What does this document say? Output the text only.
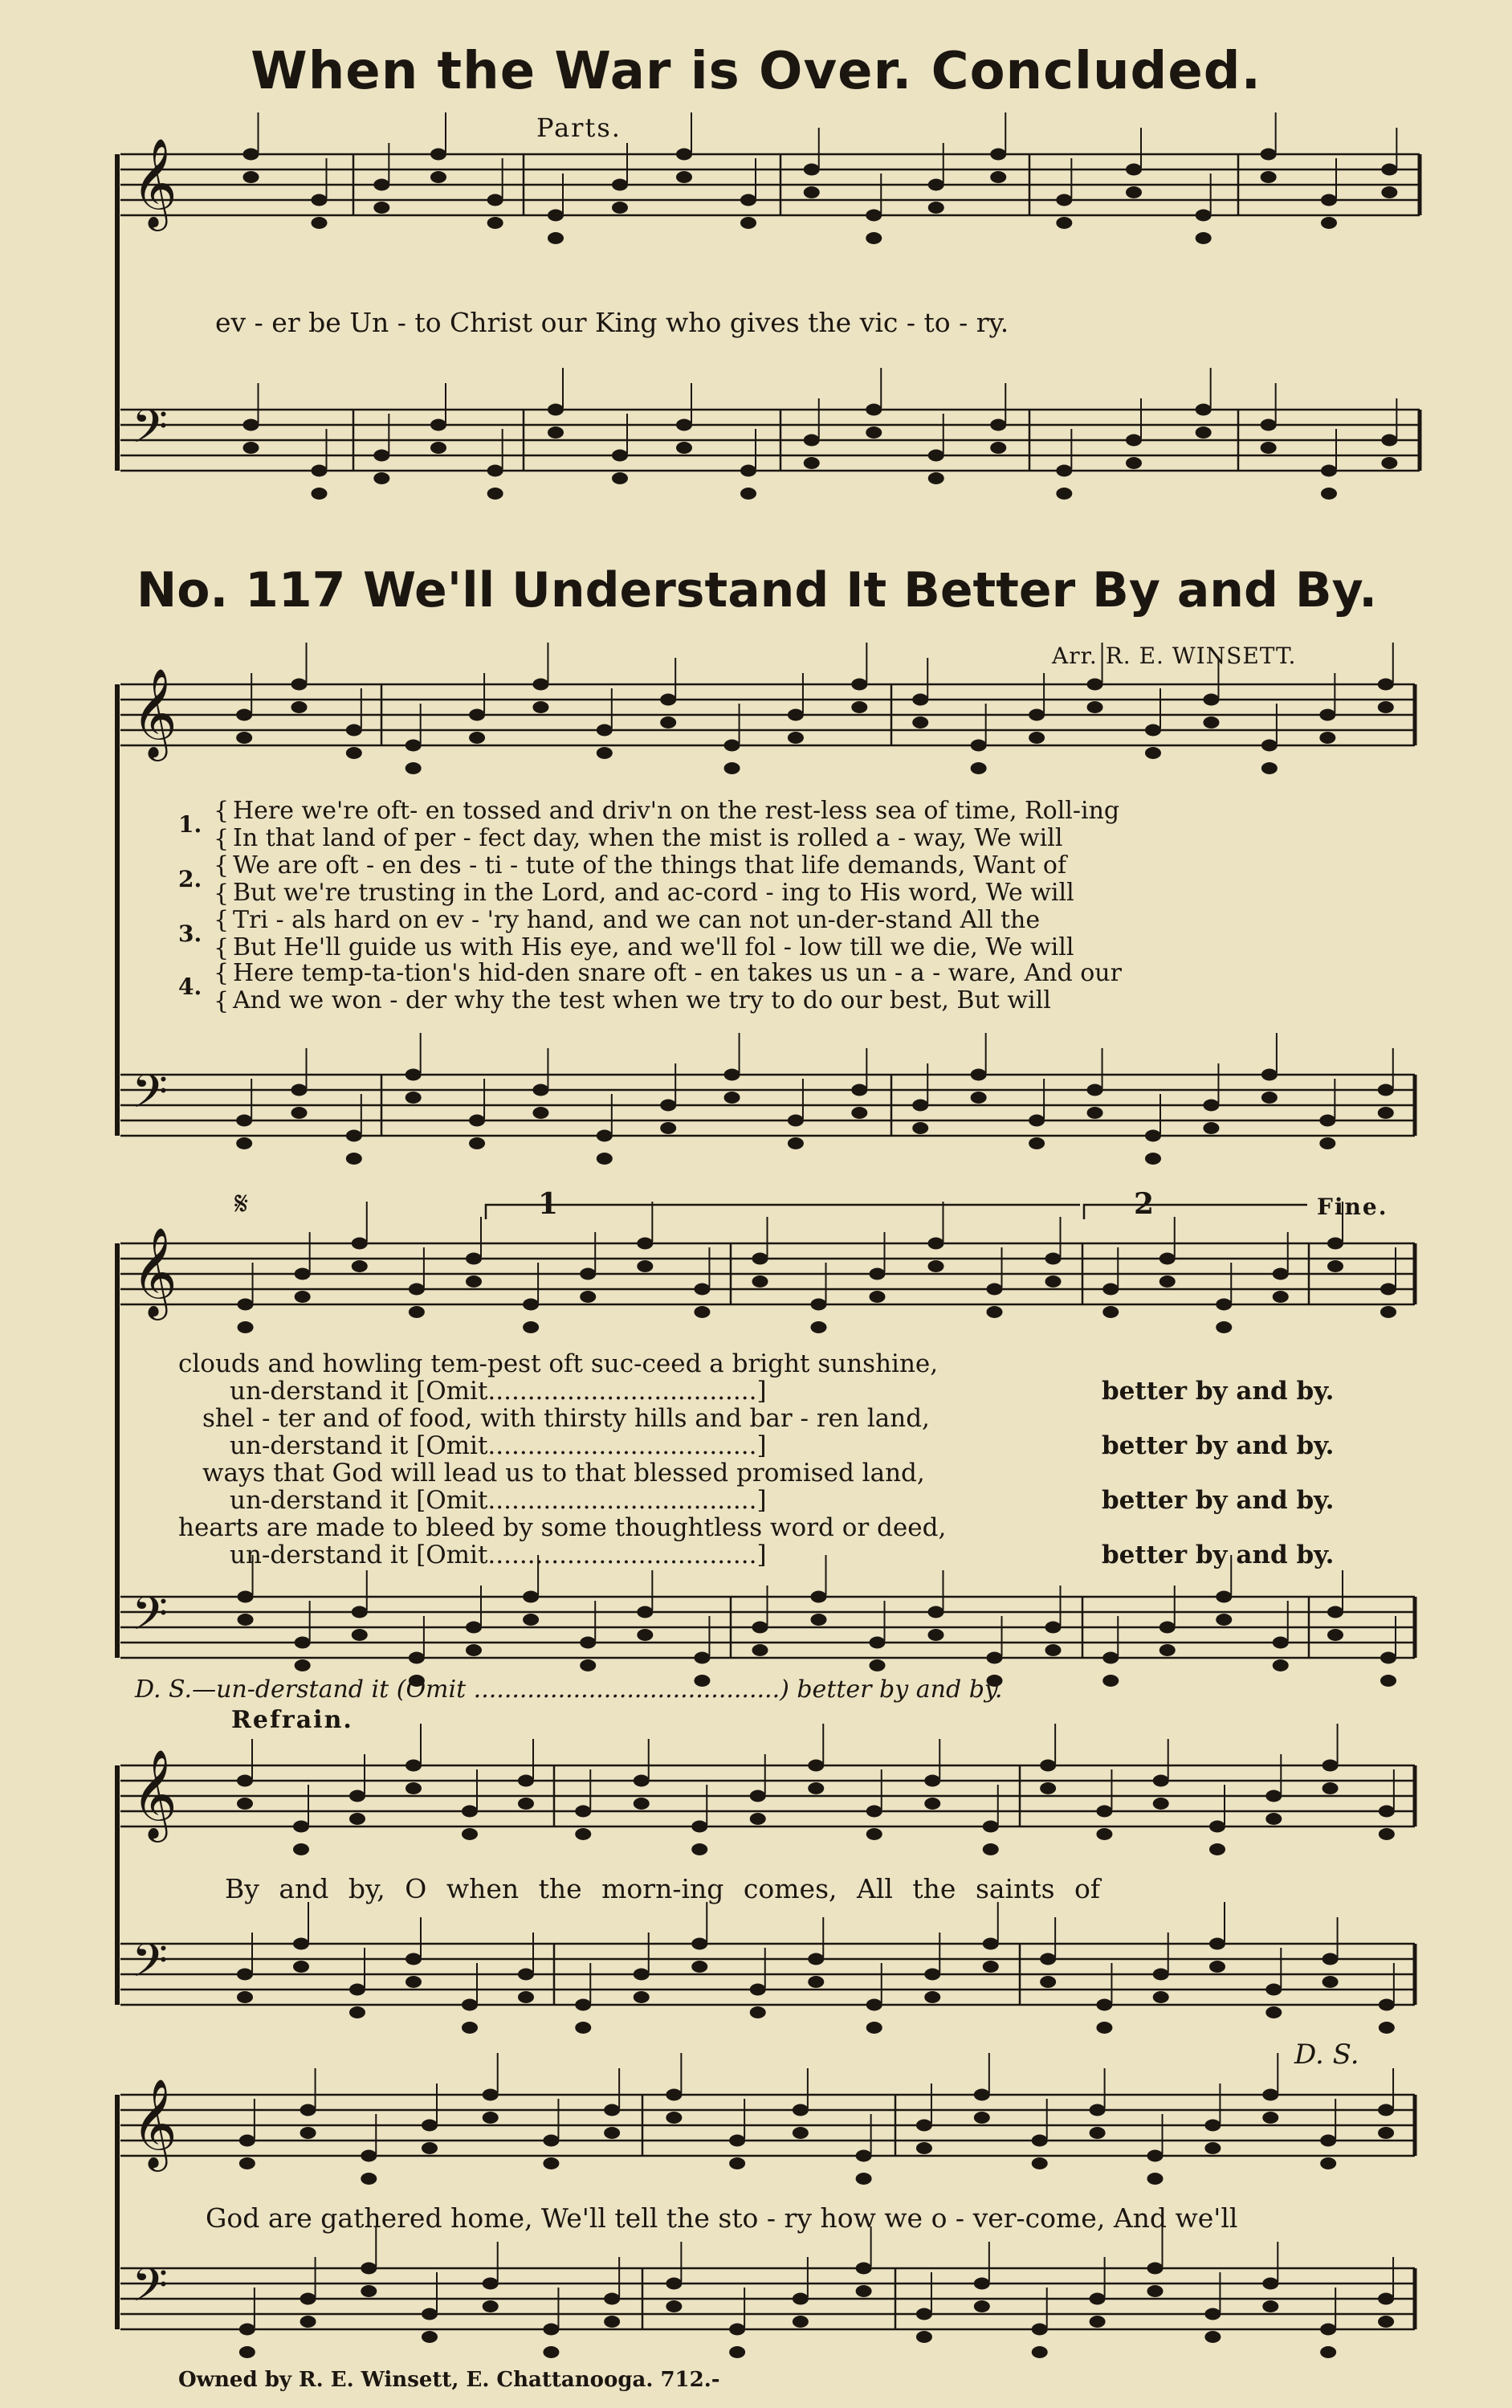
When the War is Over. Concluded.
Parts.
𝄞
𝄢
𝄞
𝄢
𝄞
𝄢
𝄞
𝄢
𝄞
𝄢
ev - er be Un - to Christ our King who gives the vic - to - ry.
No. 117 We'll Understand It Better By and By.
Arr. R. E. WINSETT.
1. {
{
Here we're oft- en tossed and driv'n on the rest-less sea of time, Roll-ing
In that land of per - fect day, when the mist is rolled a - way, We will
2. {
{
We are oft - en des - ti - tute of the things that life demands, Want of
But we're trusting in the Lord, and ac-cord - ing to His word, We will
3. {
{
Tri - als hard on ev - 'ry hand, and we can not un-der-stand All the
But He'll guide us with His eye, and we'll fol - low till we die, We will
4. {
{
Here temp-ta-tion's hid-den snare oft - en takes us un - a - ware, And our
And we won - der why the test when we try to do our best, But will
𝄋	1	2	Fine.
clouds and howling tem-pest oft suc-ceed a bright sunshine,
un-derstand it [Omit..................................]	better by and by.
shel - ter and of food, with thirsty hills and bar - ren land,
un-derstand it [Omit..................................]	better by and by.
ways that God will lead us to that blessed promised land,
un-derstand it [Omit..................................]	better by and by.
hearts are made to bleed by some thoughtless word or deed,
un-derstand it [Omit..................................]	better by and by.
D. S.—un-derstand it (Omit ........................................) better by and by.
Refrain.
By and by, O when the morn-ing comes, All the saints of
D. S.
God are gathered home, We'll tell the sto - ry how we o - ver-come, And we'll
Owned by R. E. Winsett, E. Chattanooga. 712.-
